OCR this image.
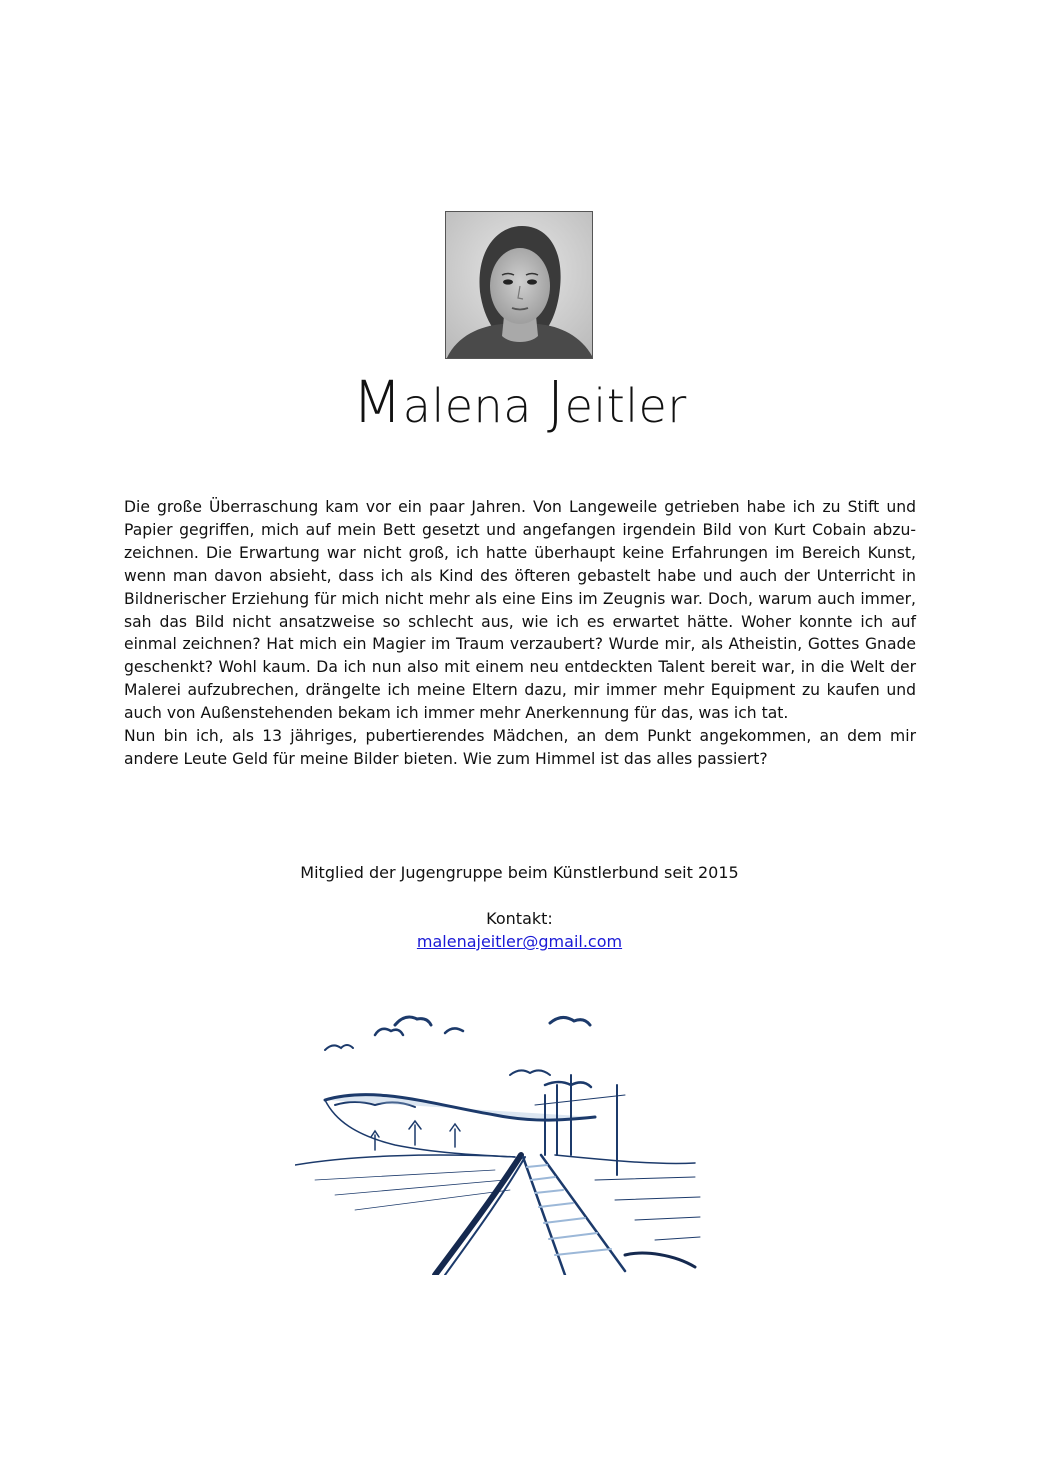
Malena Jeitler

Die große Überraschung kam vor ein paar Jahren. Von Langeweile getrieben habe ich zu Stift und Papier gegriffen, mich auf mein Bett gesetzt und angefangen irgendein Bild von Kurt Cobain abzu-zeichnen. Die Erwartung war nicht groß, ich hatte überhaupt keine Erfahrungen im Bereich Kunst, wenn man davon absieht, dass ich als Kind des öfteren gebastelt habe und auch der Unterricht in Bildnerischer Erziehung für mich nicht mehr als eine Eins im Zeugnis war. Doch, warum auch immer, sah das Bild nicht ansatzweise so schlecht aus, wie ich es erwartet hätte. Woher konnte ich auf einmal zeichnen? Hat mich ein Magier im Traum verzaubert? Wurde mir, als Atheistin, Gottes Gnade geschenkt? Wohl kaum. Da ich nun also mit einem neu entdeckten Talent bereit war, in die Welt der Malerei aufzubrechen, drängelte ich meine Eltern dazu, mir immer mehr Equipment zu kaufen und auch von Außenstehenden bekam ich immer mehr Anerkennung für das, was ich tat.

Nun bin ich, als 13 jähriges, pubertierendes Mädchen, an dem Punkt angekommen, an dem mir andere Leute Geld für meine Bilder bieten. Wie zum Himmel ist das alles passiert?

Mitglied der Jugengruppe beim Künstlerbund seit 2015
Kontakt:
malenajeitler@gmail.com
